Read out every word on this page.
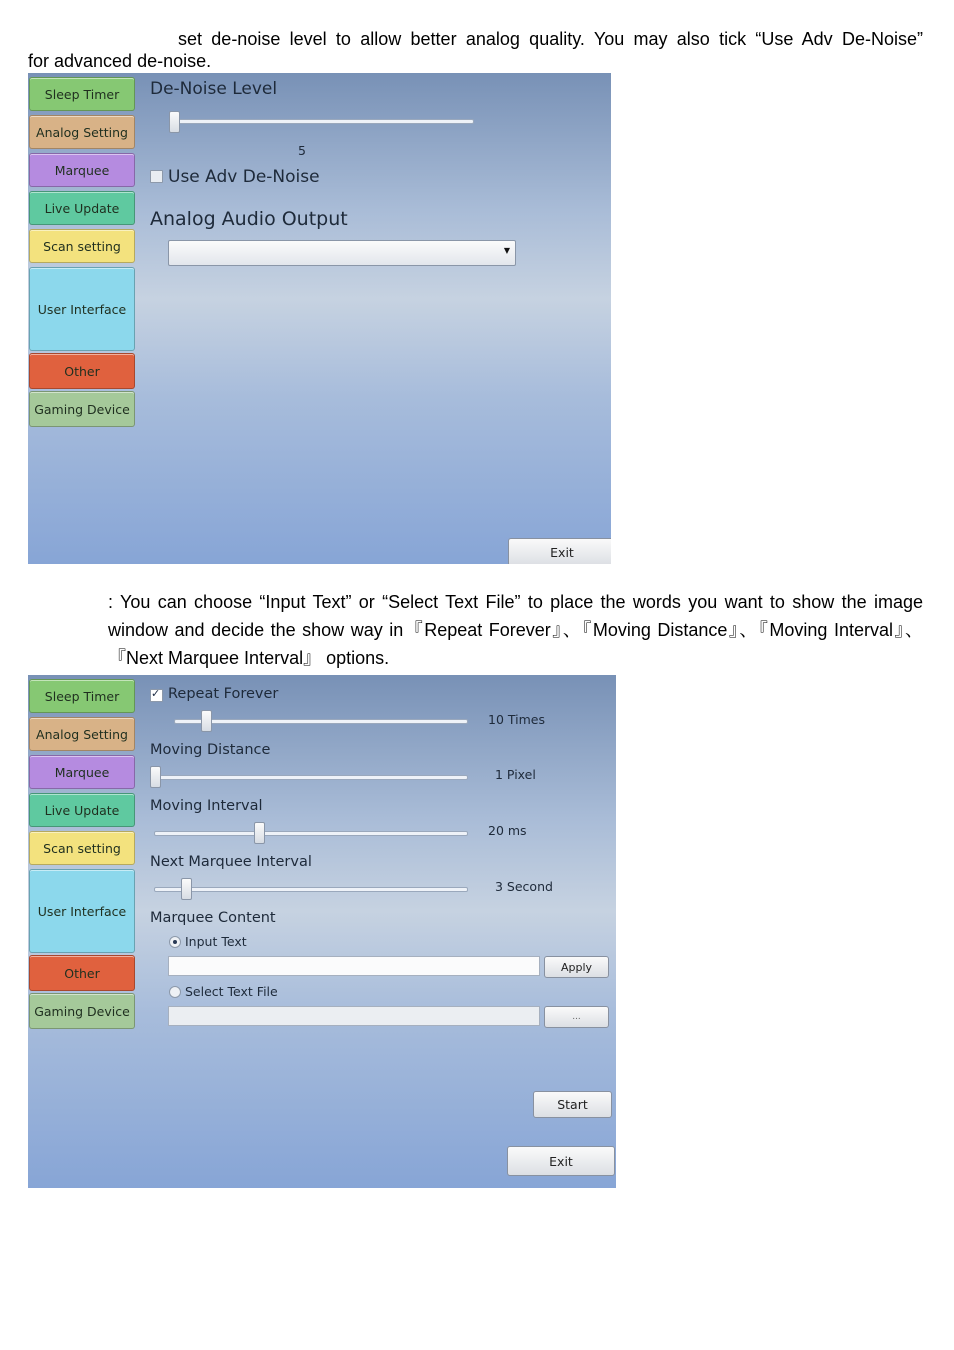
set de-noise level to allow better analog quality. You may also tick “Use Adv De-Noise”
for advanced de-noise.
Sleep Timer
Analog Setting
Marquee
Live Update
Scan setting
User Interface
Other
Gaming Device
De-Noise Level
5
Use Adv De-Noise
Analog Audio Output
▼
Exit
: You can choose “Input Text” or “Select Text File” to place the words you want to show the image window and decide the show way in『Repeat Forever』、『Moving Distance』、『Moving Interval』、『Next Marquee Interval』 options.
Sleep Timer
Analog Setting
Marquee
Live Update
Scan setting
User Interface
Other
Gaming Device
✓
Repeat Forever
10 Times
Moving Distance
1 Pixel
Moving Interval
20 ms
Next Marquee Interval
3 Second
Marquee Content
Input Text
Apply
Select Text File
...
Start
Exit
